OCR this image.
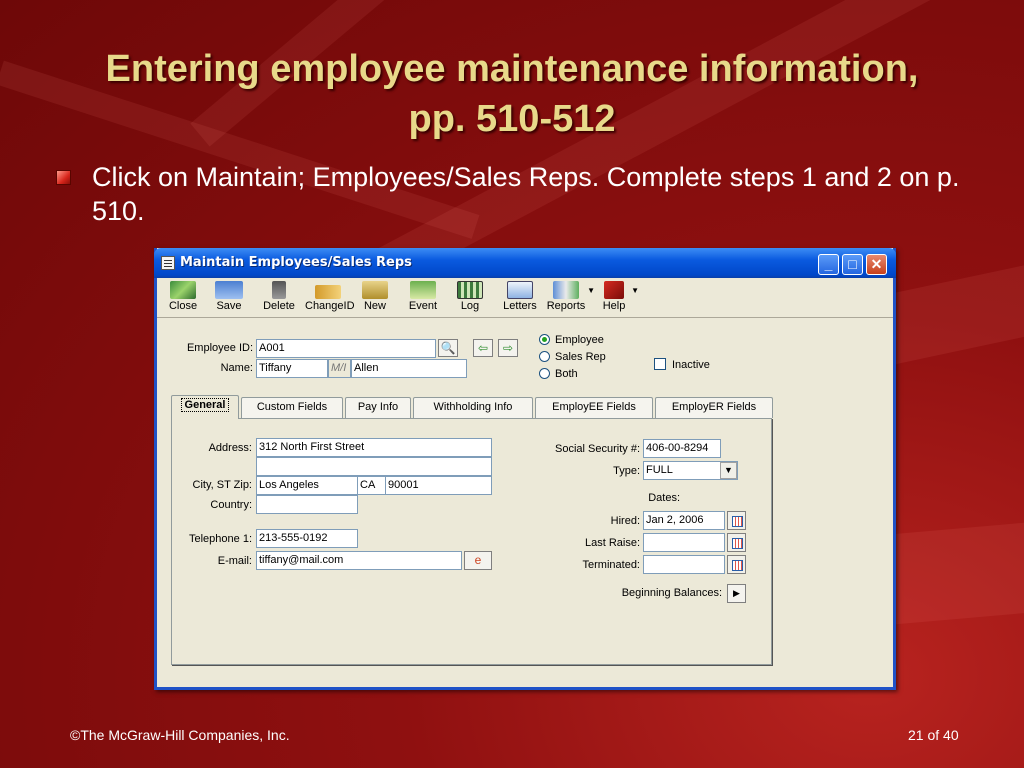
Entering employee maintenance information, pp. 510-512
Click on Maintain; Employees/Sales Reps. Complete steps 1 and 2 on p. 510.
Maintain Employees/Sales Reps	_	□ ✕
Close	Save	Delete ChangeID New	Event	Log	Letters Reports
▼
Help
▼
Employee ID: A001	🔍	⇦	⇨
Name: Tiffany	M/I Allen
Employee
Sales Rep
Both
Inactive
General	Custom Fields	Pay Info	Withholding Info	EmployEE Fields	EmployER Fields
Address: 312 North First Street
City, ST Zip: Los Angeles	CA	90001
Country:
Telephone 1: 213-555-0192
E-mail: tiffany@mail.com	e
Social Security #: 406-00-8294
Type: FULL	▼
Dates:
Hired: Jan 2, 2006
Last Raise:
Terminated:
Beginning Balances:	▶
©The McGraw-Hill Companies, Inc.	21 of 40
